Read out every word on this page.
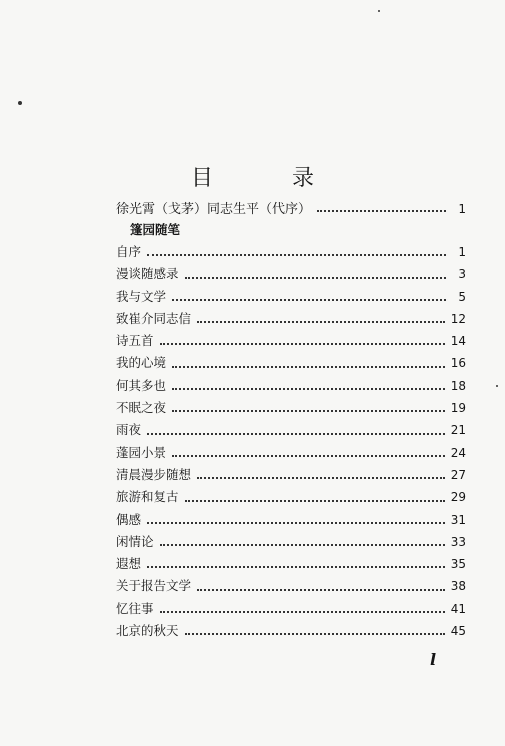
目 录
徐光霄（戈茅）同志生平（代序）	1
篷园随笔
自序	1
漫谈随感录	3
我与文学	5
致崔介同志信	12
诗五首	14
我的心境	16
何其多也	18
不眠之夜	19
雨夜	21
蓬园小景	24
清晨漫步随想	27
旅游和复古	29
偶感	31
闲情论	33
遐想	35
关于报告文学	38
忆往事	41
北京的秋天	45
l
